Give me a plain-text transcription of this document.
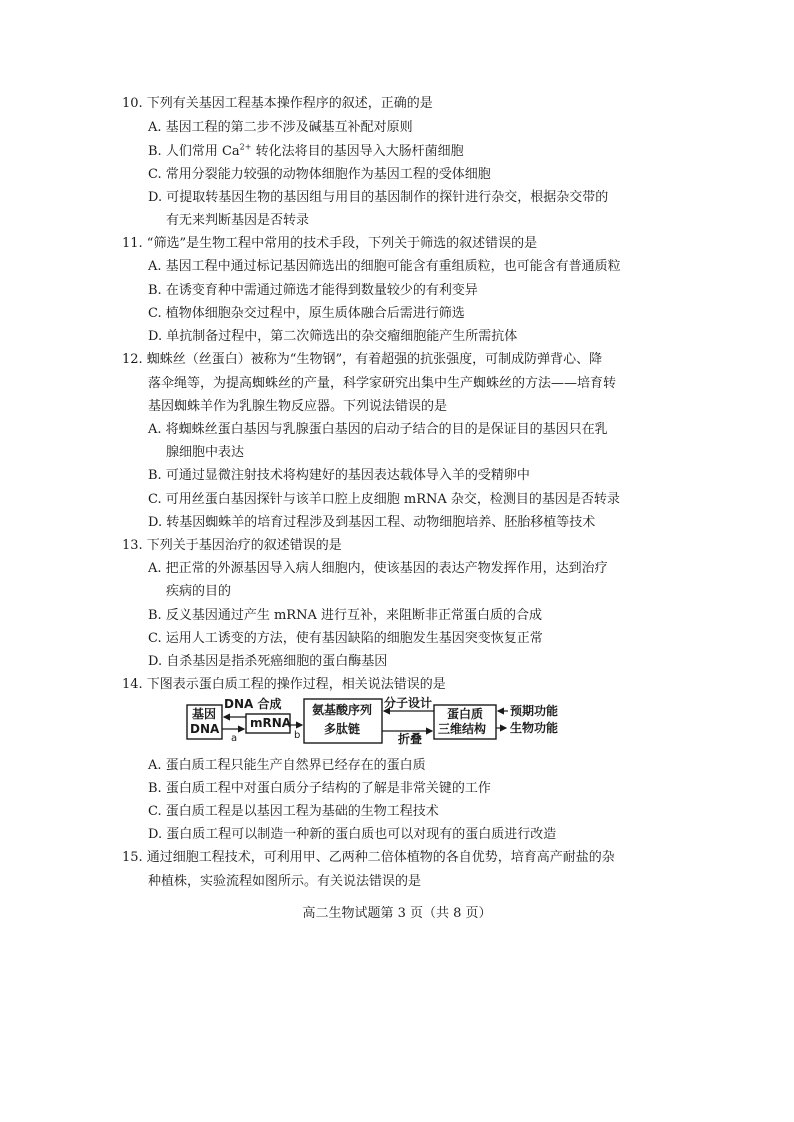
10. 下列有关基因工程基本操作程序的叙述，正确的是
A. 基因工程的第二步不涉及碱基互补配对原则
B. 人们常用 $Ca^{2+}$ 转化法将目的基因导入大肠杆菌细胞
C. 常用分裂能力较强的动物体细胞作为基因工程的受体细胞
D. 可提取转基因生物的基因组与用目的基因制作的探针进行杂交，根据杂交带的
有无来判断基因是否转录
11. “筛选”是生物工程中常用的技术手段，下列关于筛选的叙述错误的是
A. 基因工程中通过标记基因筛选出的细胞可能含有重组质粒，也可能含有普通质粒
B. 在诱变育种中需通过筛选才能得到数量较少的有利变异
C. 植物体细胞杂交过程中，原生质体融合后需进行筛选
D. 单抗制备过程中，第二次筛选出的杂交瘤细胞能产生所需抗体
12. 蜘蛛丝（丝蛋白）被称为“生物钢”，有着超强的抗张强度，可制成防弹背心、降
落伞绳等，为提高蜘蛛丝的产量，科学家研究出集中生产蜘蛛丝的方法——培育转
基因蜘蛛羊作为乳腺生物反应器。下列说法错误的是
A. 将蜘蛛丝蛋白基因与乳腺蛋白基因的启动子结合的目的是保证目的基因只在乳
腺细胞中表达
B. 可通过显微注射技术将构建好的基因表达载体导入羊的受精卵中
C. 可用丝蛋白基因探针与该羊口腔上皮细胞 mRNA 杂交，检测目的基因是否转录
D. 转基因蜘蛛羊的培育过程涉及到基因工程、动物细胞培养、胚胎移植等技术
13. 下列关于基因治疗的叙述错误的是
A. 把正常的外源基因导入病人细胞内，使该基因的表达产物发挥作用，达到治疗
疾病的目的
B. 反义基因通过产生 mRNA 进行互补，来阻断非正常蛋白质的合成
C. 运用人工诱变的方法，使有基因缺陷的细胞发生基因突变恢复正常
D. 自杀基因是指杀死癌细胞的蛋白酶基因
14. 下图表示蛋白质工程的操作过程，相关说法错误的是
基因
DNA	mRNA
氨基酸序列
多肽链
蛋白质
三维结构
DNA 合成
a	b
分子设计
折叠
预期功能
生物功能
A. 蛋白质工程只能生产自然界已经存在的蛋白质
B. 蛋白质工程中对蛋白质分子结构的了解是非常关键的工作
C. 蛋白质工程是以基因工程为基础的生物工程技术
D. 蛋白质工程可以制造一种新的蛋白质也可以对现有的蛋白质进行改造
15. 通过细胞工程技术，可利用甲、乙两种二倍体植物的各自优势，培育高产耐盐的杂
种植株，实验流程如图所示。有关说法错误的是
高二生物试题第 3 页（共 8 页）
